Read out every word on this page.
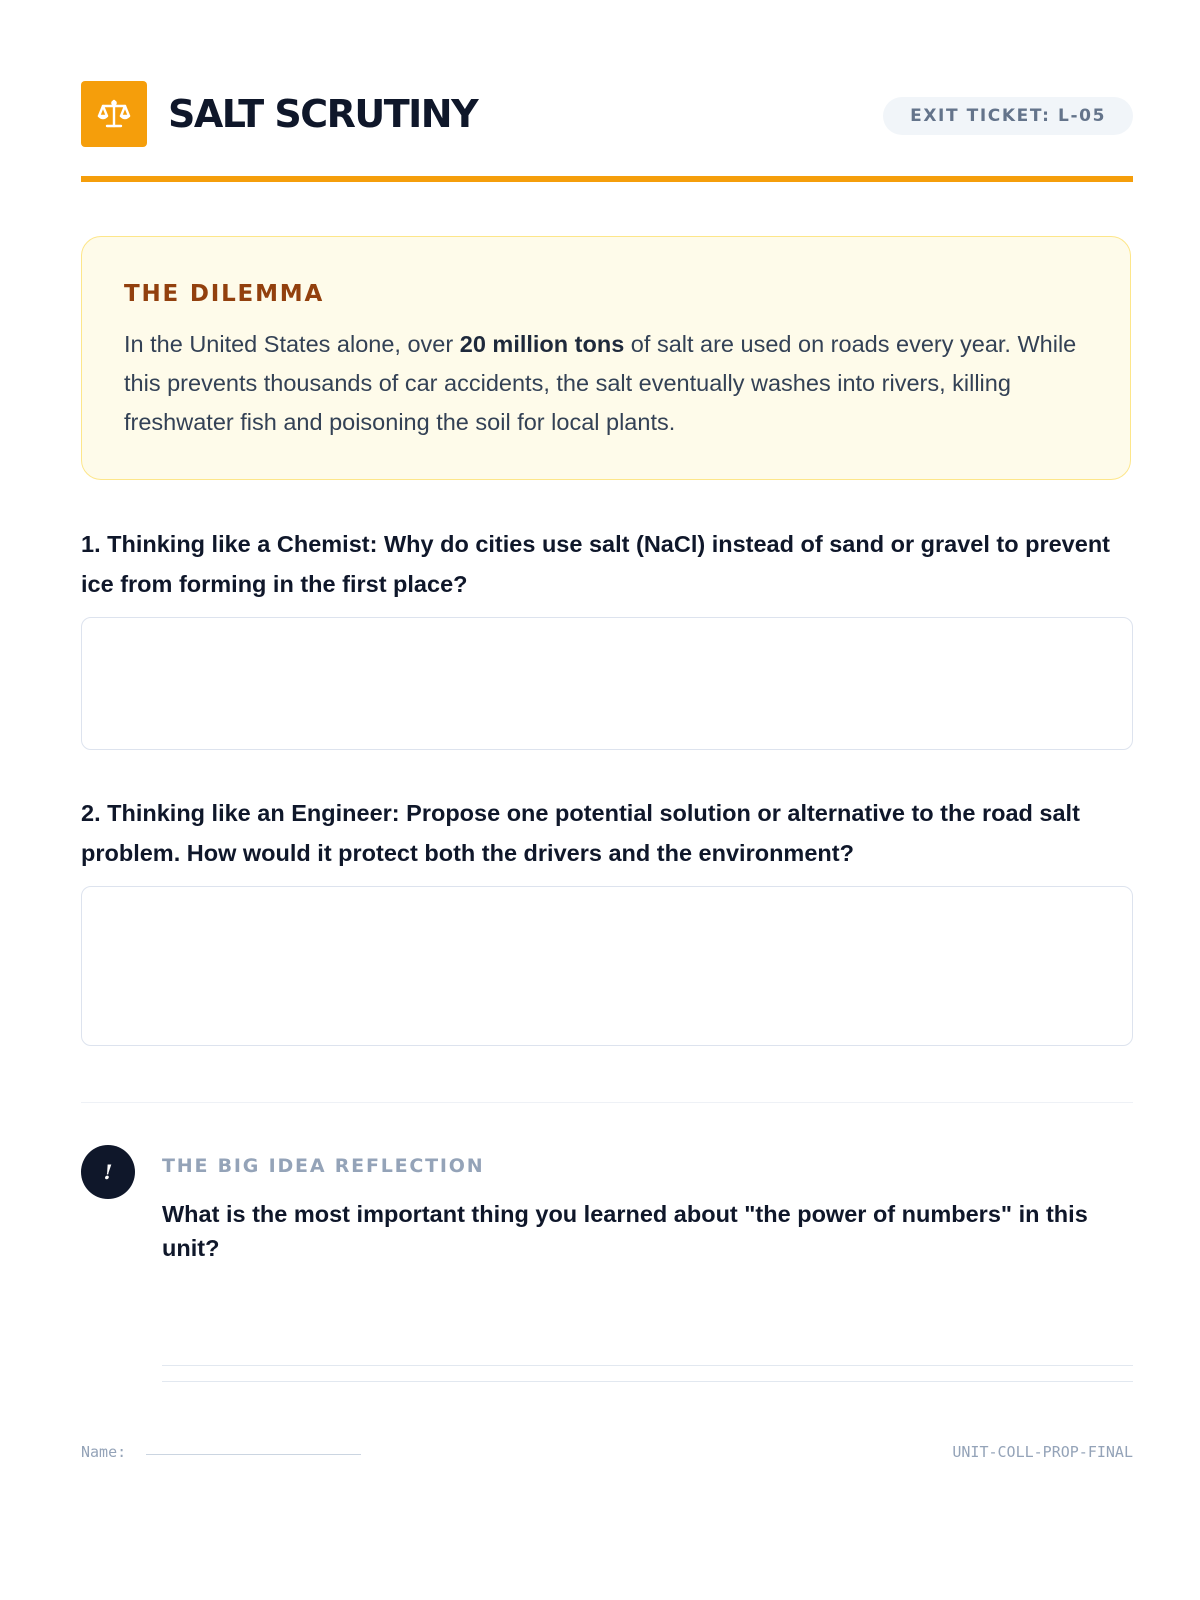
SALT SCRUTINY	EXIT TICKET: L-05
THE DILEMMA
In the United States alone, over 20 million tons of salt are used on roads every year. While this prevents thousands of car accidents, the salt eventually washes into rivers, killing freshwater fish and poisoning the soil for local plants.
1. Thinking like a Chemist: Why do cities use salt (NaCl) instead of sand or gravel to prevent ice from forming in the first place?
2. Thinking like an Engineer: Propose one potential solution or alternative to the road salt problem. How would it protect both the drivers and the environment?
!	THE BIG IDEA REFLECTION
What is the most important thing you learned about "the power of numbers" in this unit?
Name:	UNIT-COLL-PROP-FINAL
